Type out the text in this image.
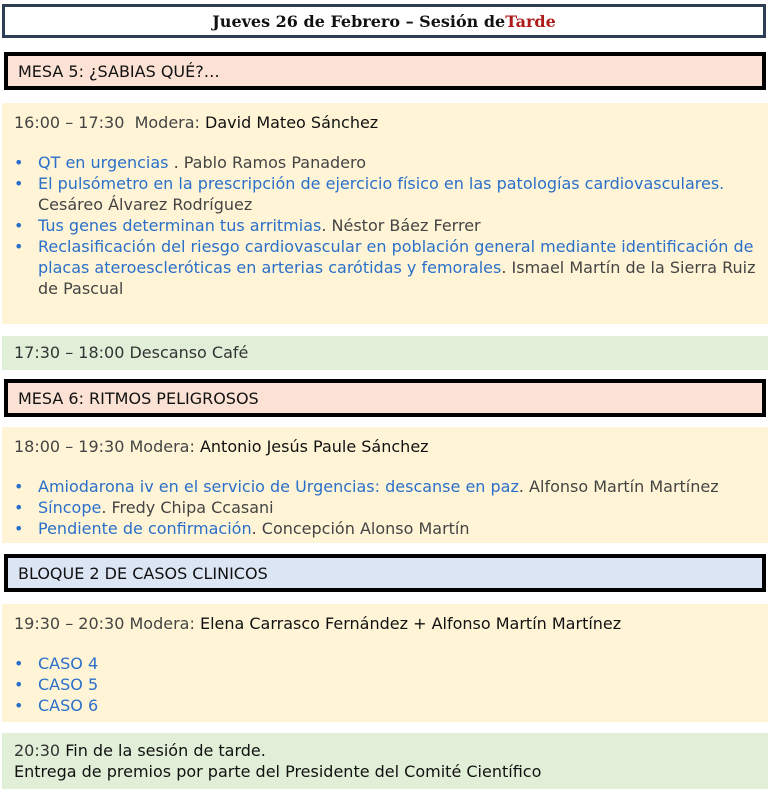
Jueves 26 de Febrero – Sesión de Tarde
MESA 5: ¿SABIAS QUÉ?…
16:00 – 17:30 Modera: David Mateo Sánchez
• QT en urgencias . Pablo Ramos Panadero
• El pulsómetro en la prescripción de ejercicio físico en las patologías cardiovasculares. Cesáreo Álvarez Rodríguez
• Tus genes determinan tus arritmias. Néstor Báez Ferrer
• Reclasificación del riesgo cardiovascular en población general mediante identificación de placas ateroescleróticas en arterias carótidas y femorales. Ismael Martín de la Sierra Ruiz de Pascual
17:30 – 18:00 Descanso Café
MESA 6: RITMOS PELIGROSOS
18:00 – 19:30 Modera: Antonio Jesús Paule Sánchez
• Amiodarona iv en el servicio de Urgencias: descanse en paz. Alfonso Martín Martínez
• Síncope. Fredy Chipa Ccasani
• Pendiente de confirmación. Concepción Alonso Martín
BLOQUE 2 DE CASOS CLINICOS
19:30 – 20:30 Modera: Elena Carrasco Fernández + Alfonso Martín Martínez
• CASO 4
• CASO 5
• CASO 6
20:30 Fin de la sesión de tarde.
Entrega de premios por parte del Presidente del Comité Científico
